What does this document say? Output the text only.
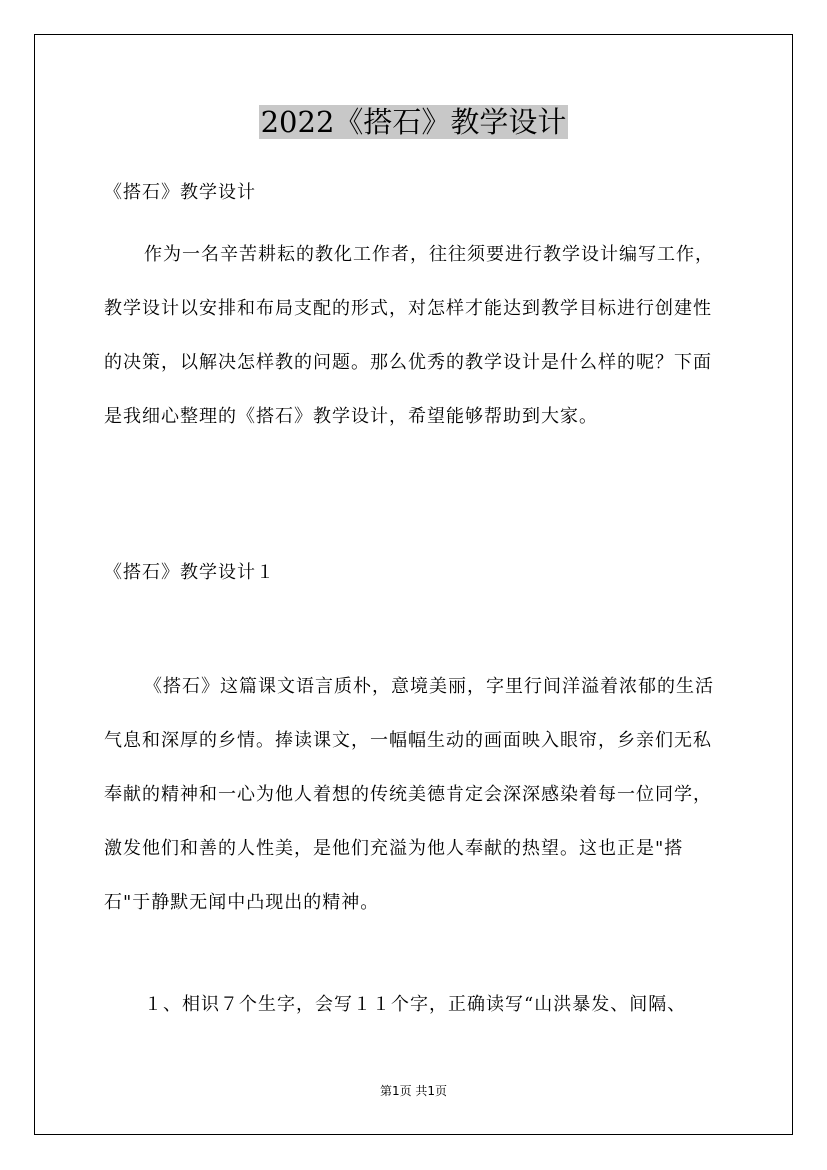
2022《搭石》教学设计

《搭石》教学设计

作为一名辛苦耕耘的教化工作者，往往须要进行教学设计编写工作，教学设计以安排和布局支配的形式，对怎样才能达到教学目标进行创建性的决策，以解决怎样教的问题。那么优秀的教学设计是什么样的呢？下面是我细心整理的《搭石》教学设计，希望能够帮助到大家。

《搭石》教学设计１

《搭石》这篇课文语言质朴，意境美丽，字里行间洋溢着浓郁的生活气息和深厚的乡情。捧读课文，一幅幅生动的画面映入眼帘，乡亲们无私奉献的精神和一心为他人着想的传统美德肯定会深深感染着每一位同学，激发他们和善的人性美，是他们充溢为他人奉献的热望。这也正是"搭石"于静默无闻中凸现出的精神。

１、相识７个生字，会写１１个字，正确读写“山洪暴发、间隔、

第1页 共1页
